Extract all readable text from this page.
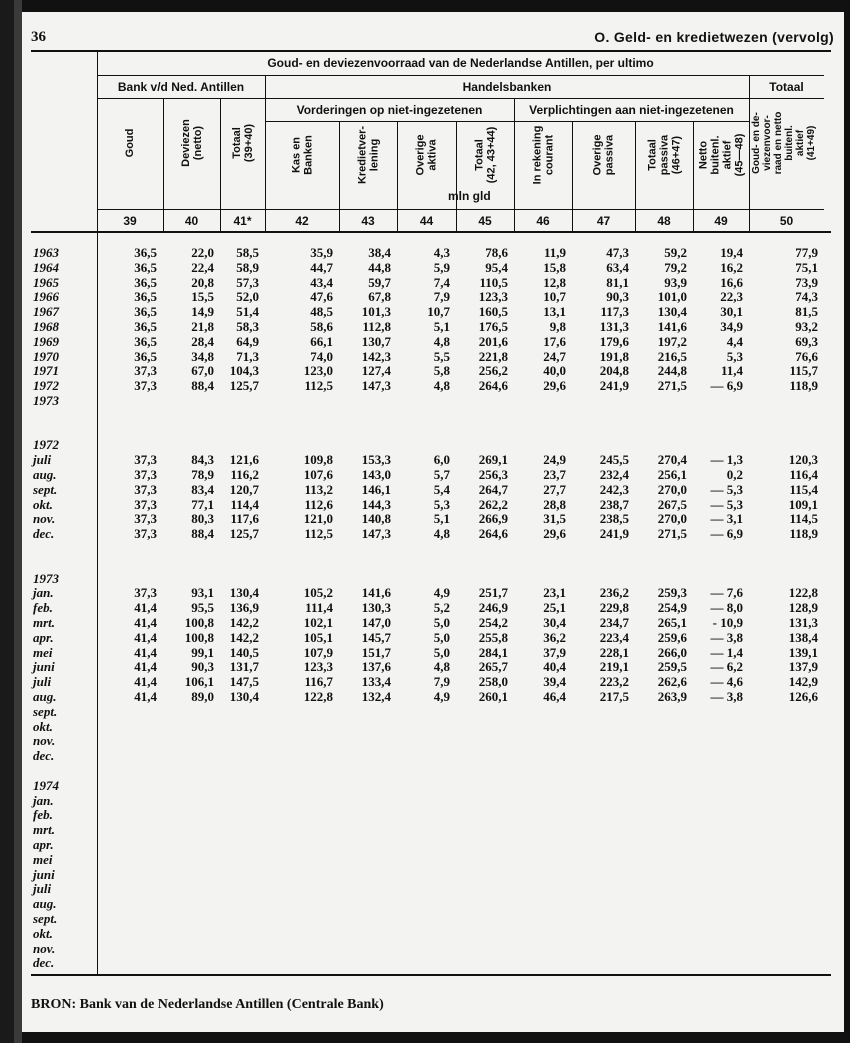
36	O. Geld- en kredietwezen (vervolg)
Goud- en deviezenvoorraad van de Nederlandse Antillen, per ultimo
Bank v/d Ned. Antillen	Handelsbanken	Totaal
Vorderingen op niet-ingezetenen	Verplichtingen aan niet-ingezetenen
mln gld
Goud
39
Deviezen
(netto)
40
Totaal
(39+40)
41*
Kas en
Banken
42
Kredietver-
lening
43
Overige
aktiva
44
Totaal
(42, 43+44)
45
In rekening
courant
46
Overige
passiva
47
Totaal
passiva
(46+47)
48
Netto
buitenl.
aktief
(45—48)
49
Goud- en de-
viezenvoor-
raad en netto
buitenl.
aktief
(41+49)
50
1963	36,5	22,0	58,5	35,9	38,4	4,3	78,6	11,9	47,3	59,2	19,4	77,9
1964	36,5	22,4	58,9	44,7	44,8	5,9	95,4	15,8	63,4	79,2	16,2	75,1
1965	36,5	20,8	57,3	43,4	59,7	7,4	110,5	12,8	81,1	93,9	16,6	73,9
1966	36,5	15,5	52,0	47,6	67,8	7,9	123,3	10,7	90,3	101,0	22,3	74,3
1967	36,5	14,9	51,4	48,5	101,3	10,7	160,5	13,1	117,3	130,4	30,1	81,5
1968	36,5	21,8	58,3	58,6	112,8	5,1	176,5	9,8	131,3	141,6	34,9	93,2
1969	36,5	28,4	64,9	66,1	130,7	4,8	201,6	17,6	179,6	197,2	4,4	69,3
1970	36,5	34,8	71,3	74,0	142,3	5,5	221,8	24,7	191,8	216,5	5,3	76,6
1971	37,3	67,0	104,3	123,0	127,4	5,8	256,2	40,0	204,8	244,8	11,4	115,7
1972	37,3	88,4	125,7	112,5	147,3	4,8	264,6	29,6	241,9	271,5	— 6,9	118,9
1973
1972
juli	37,3	84,3	121,6	109,8	153,3	6,0	269,1	24,9	245,5	270,4	— 1,3	120,3
aug.	37,3	78,9	116,2	107,6	143,0	5,7	256,3	23,7	232,4	256,1	0,2	116,4
sept.	37,3	83,4	120,7	113,2	146,1	5,4	264,7	27,7	242,3	270,0	— 5,3	115,4
okt.	37,3	77,1	114,4	112,6	144,3	5,3	262,2	28,8	238,7	267,5	— 5,3	109,1
nov.	37,3	80,3	117,6	121,0	140,8	5,1	266,9	31,5	238,5	270,0	— 3,1	114,5
dec.	37,3	88,4	125,7	112,5	147,3	4,8	264,6	29,6	241,9	271,5	— 6,9	118,9
1973
jan.	37,3	93,1	130,4	105,2	141,6	4,9	251,7	23,1	236,2	259,3	— 7,6	122,8
feb.	41,4	95,5	136,9	111,4	130,3	5,2	246,9	25,1	229,8	254,9	— 8,0	128,9
mrt.	41,4	100,8	142,2	102,1	147,0	5,0	254,2	30,4	234,7	265,1	- 10,9	131,3
apr.	41,4	100,8	142,2	105,1	145,7	5,0	255,8	36,2	223,4	259,6	— 3,8	138,4
mei	41,4	99,1	140,5	107,9	151,7	5,0	284,1	37,9	228,1	266,0	— 1,4	139,1
juni	41,4	90,3	131,7	123,3	137,6	4,8	265,7	40,4	219,1	259,5	— 6,2	137,9
juli	41,4	106,1	147,5	116,7	133,4	7,9	258,0	39,4	223,2	262,6	— 4,6	142,9
aug.	41,4	89,0	130,4	122,8	132,4	4,9	260,1	46,4	217,5	263,9	— 3,8	126,6
sept.
okt.
nov.
dec.
1974
jan.
feb.
mrt.
apr.
mei
juni
juli
aug.
sept.
okt.
nov.
dec.
BRON: Bank van de Nederlandse Antillen (Centrale Bank)
